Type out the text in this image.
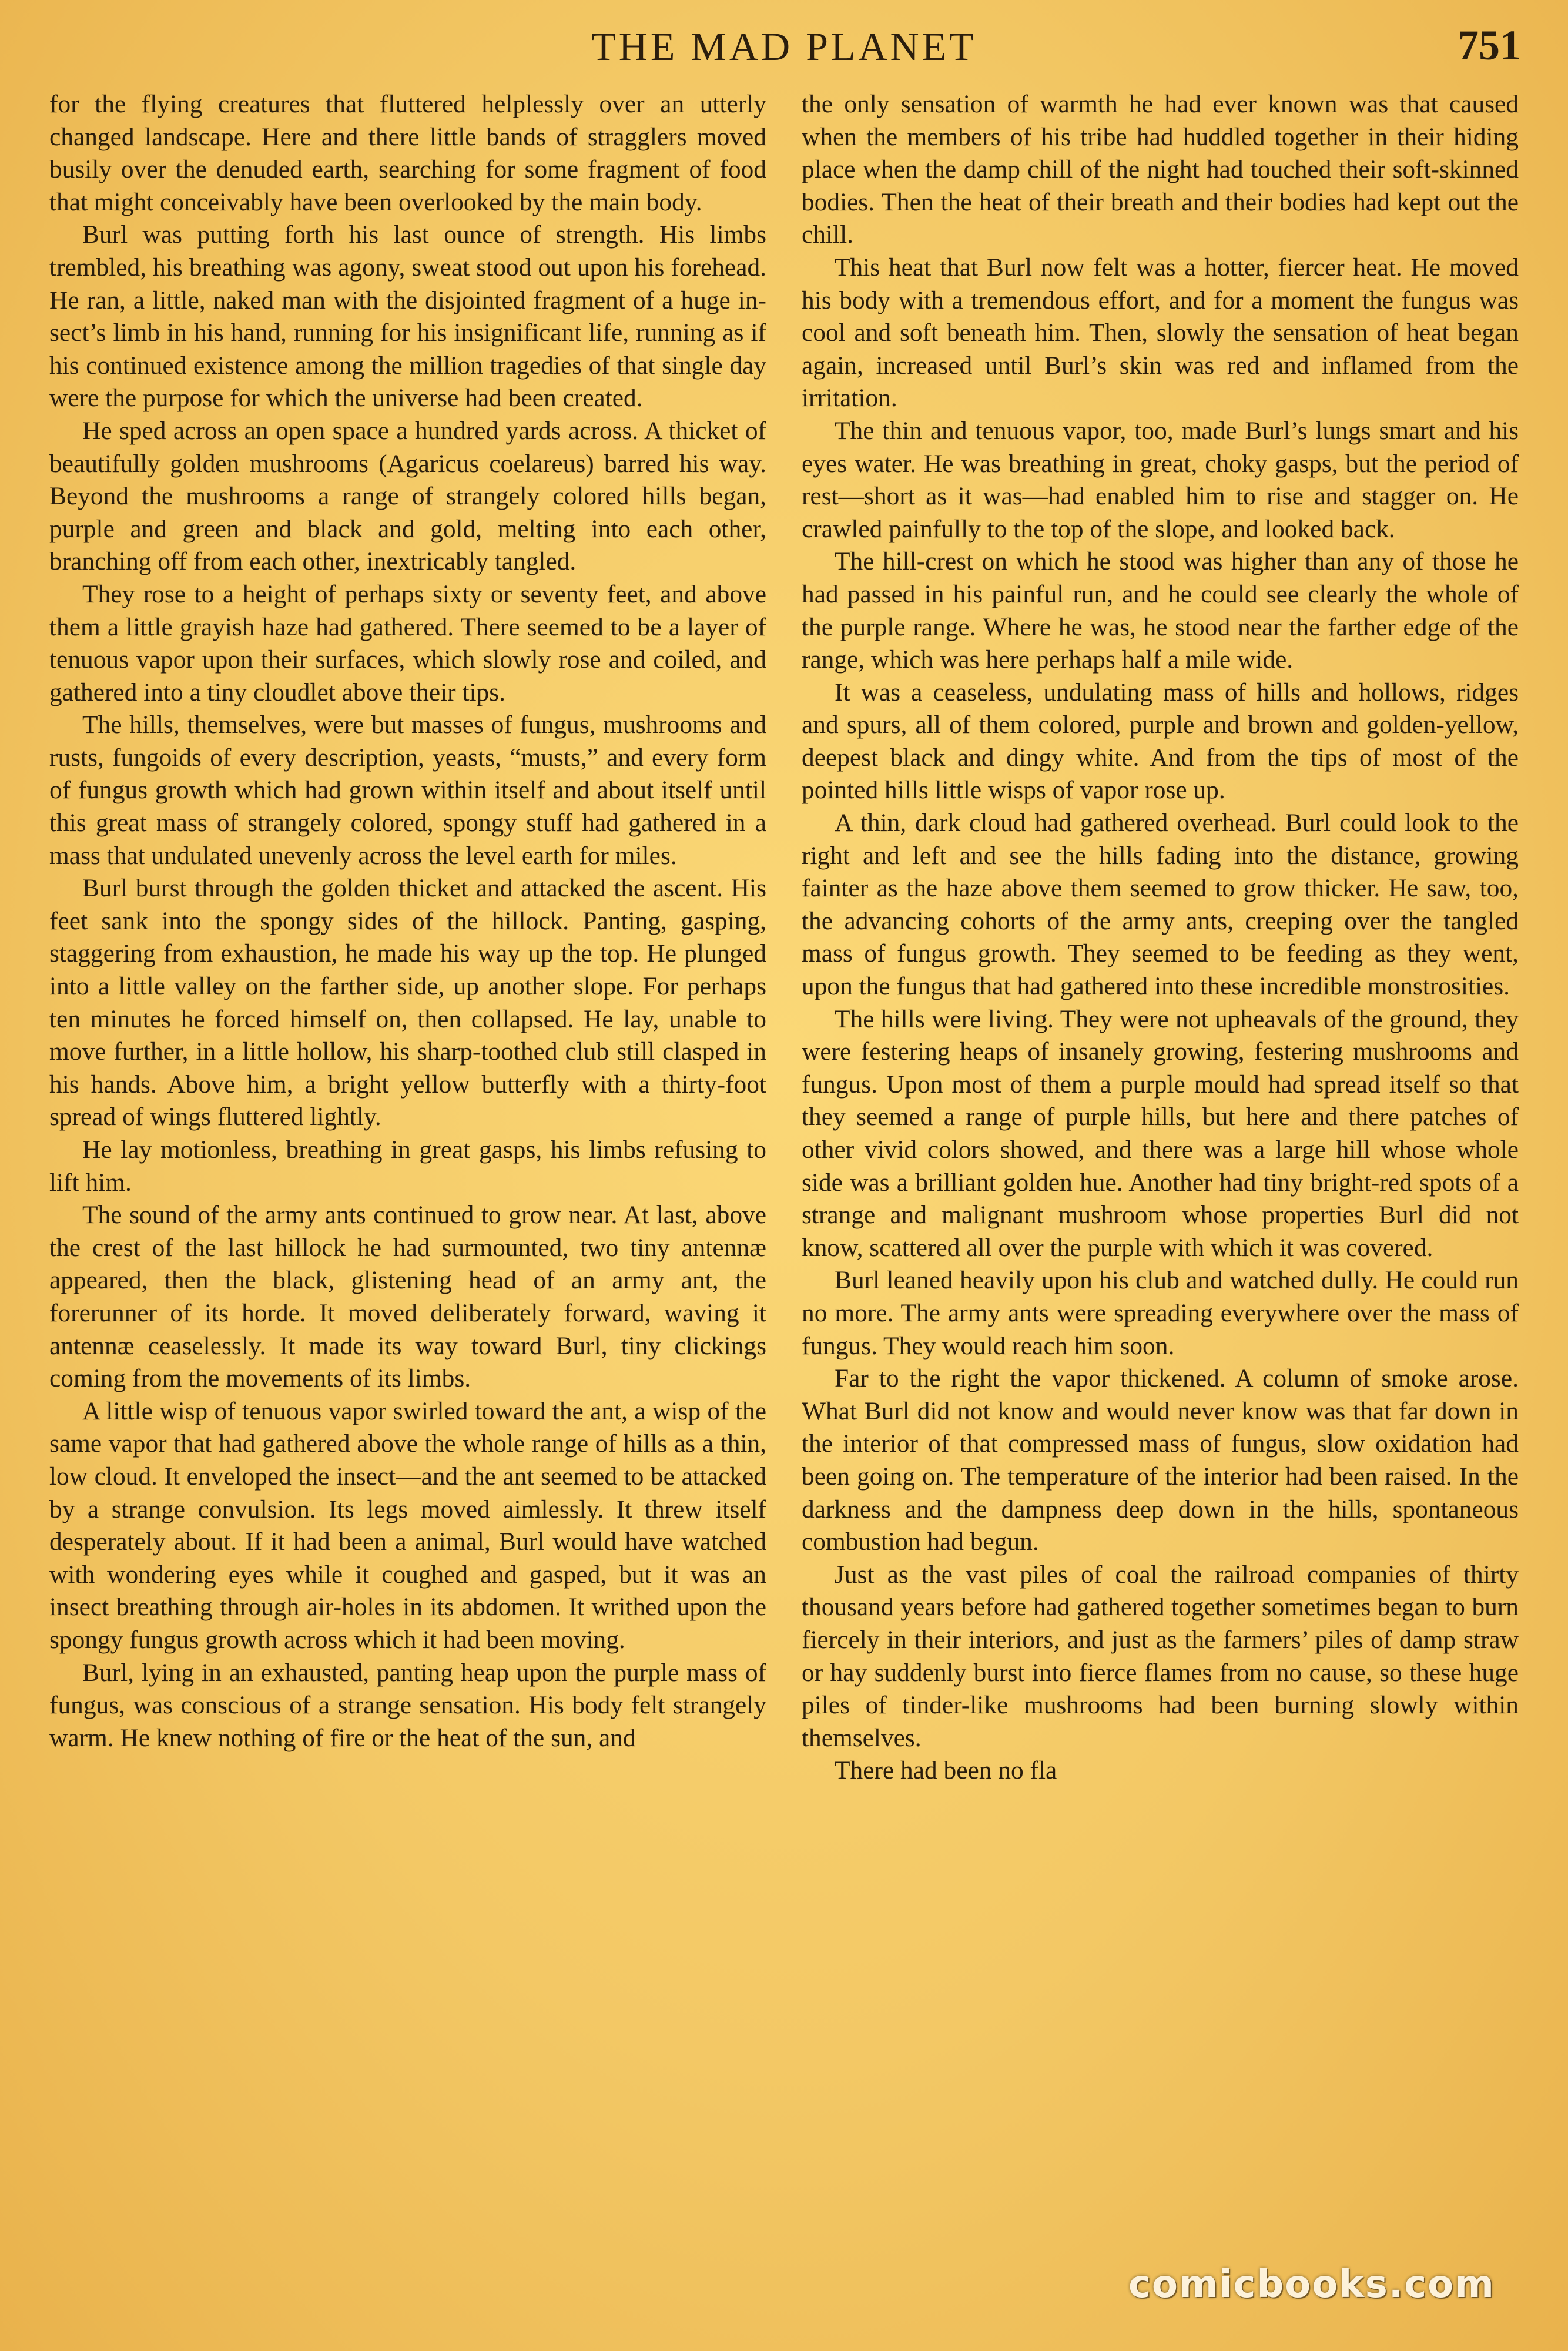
THE MAD PLANET	751

for the flying creatures that fluttered helplessly over an utterly changed landscape. Here and there little bands of stragglers moved busily over the denuded earth, searching for some fragment of food that might conceivably have been overlooked by the main body.

Burl was putting forth his last ounce of strength. His limbs trembled, his breathing was agony, sweat stood out upon his forehead. He ran, a little, naked man with the disjointed fragment of a huge insect’s limb in his hand, running for his insignificant life, running as if his continued existence among the million tragedies of that single day were the purpose for which the universe had been created.

He sped across an open space a hundred yards across. A thicket of beautifully golden mushrooms (Agaricus coelareus) barred his way. Beyond the mushrooms a range of strangely colored hills began, purple and green and black and gold, melting into each other, branching off from each other, inextricably tangled.

They rose to a height of perhaps sixty or seventy feet, and above them a little grayish haze had gathered. There seemed to be a layer of tenuous vapor upon their surfaces, which slowly rose and coiled, and gathered into a tiny cloudlet above their tips.

The hills, themselves, were but masses of fungus, mushrooms and rusts, fungoids of every description, yeasts, “musts,” and every form of fungus growth which had grown within itself and about itself until this great mass of strangely colored, spongy stuff had gathered in a mass that undulated unevenly across the level earth for miles.

Burl burst through the golden thicket and attacked the ascent. His feet sank into the spongy sides of the hillock. Panting, gasping, staggering from exhaustion, he made his way up the top. He plunged into a little valley on the farther side, up another slope. For perhaps ten minutes he forced himself on, then collapsed. He lay, unable to move further, in a little hollow, his sharp-toothed club still clasped in his hands. Above him, a bright yellow butterfly with a thirty-foot spread of wings fluttered lightly.

He lay motionless, breathing in great gasps, his limbs refusing to lift him.

The sound of the army ants continued to grow near. At last, above the crest of the last hillock he had surmounted, two tiny antennæ appeared, then the black, glistening head of an army ant, the forerunner of its horde. It moved deliberately forward, waving it antennæ ceaselessly. It made its way toward Burl, tiny clickings coming from the movements of its limbs.

A little wisp of tenuous vapor swirled toward the ant, a wisp of the same vapor that had gathered above the whole range of hills as a thin, low cloud. It enveloped the insect—and the ant seemed to be attacked by a strange convulsion. Its legs moved aimlessly. It threw itself desperately about. If it had been a animal, Burl would have watched with wondering eyes while it coughed and gasped, but it was an insect breathing through air-holes in its abdomen. It writhed upon the spongy fungus growth across which it had been moving.

Burl, lying in an exhausted, panting heap upon the purple mass of fungus, was conscious of a strange sensation. His body felt strangely warm. He knew nothing of fire or the heat of the sun, and

the only sensation of warmth he had ever known was that caused when the members of his tribe had huddled together in their hiding place when the damp chill of the night had touched their soft-skinned bodies. Then the heat of their breath and their bodies had kept out the chill.

This heat that Burl now felt was a hotter, fiercer heat. He moved his body with a tremendous effort, and for a moment the fungus was cool and soft beneath him. Then, slowly the sensation of heat began again, increased until Burl’s skin was red and inflamed from the irritation.

The thin and tenuous vapor, too, made Burl’s lungs smart and his eyes water. He was breathing in great, choky gasps, but the period of rest—short as it was—had enabled him to rise and stagger on. He crawled painfully to the top of the slope, and looked back.

The hill-crest on which he stood was higher than any of those he had passed in his painful run, and he could see clearly the whole of the purple range. Where he was, he stood near the farther edge of the range, which was here perhaps half a mile wide.

It was a ceaseless, undulating mass of hills and hollows, ridges and spurs, all of them colored, purple and brown and golden-yellow, deepest black and dingy white. And from the tips of most of the pointed hills little wisps of vapor rose up.

A thin, dark cloud had gathered overhead. Burl could look to the right and left and see the hills fading into the distance, growing fainter as the haze above them seemed to grow thicker. He saw, too, the advancing cohorts of the army ants, creeping over the tangled mass of fungus growth. They seemed to be feeding as they went, upon the fungus that had gathered into these incredible monstrosities.

The hills were living. They were not upheavals of the ground, they were festering heaps of insanely growing, festering mushrooms and fungus. Upon most of them a purple mould had spread itself so that they seemed a range of purple hills, but here and there patches of other vivid colors showed, and there was a large hill whose whole side was a brilliant golden hue. Another had tiny bright-red spots of a strange and malignant mushroom whose properties Burl did not know, scattered all over the purple with which it was covered.

Burl leaned heavily upon his club and watched dully. He could run no more. The army ants were spreading everywhere over the mass of fungus. They would reach him soon.

Far to the right the vapor thickened. A column of smoke arose. What Burl did not know and would never know was that far down in the interior of that compressed mass of fungus, slow oxidation had been going on. The temperature of the interior had been raised. In the darkness and the dampness deep down in the hills, spontaneous combustion had begun.

Just as the vast piles of coal the railroad companies of thirty thousand years before had gathered together sometimes began to burn fiercely in their interiors, and just as the farmers’ piles of damp straw or hay suddenly burst into fierce flames from no cause, so these huge piles of tinder-like mushrooms had been burning slowly within themselves.

There had been no fla

comicbooks.com
